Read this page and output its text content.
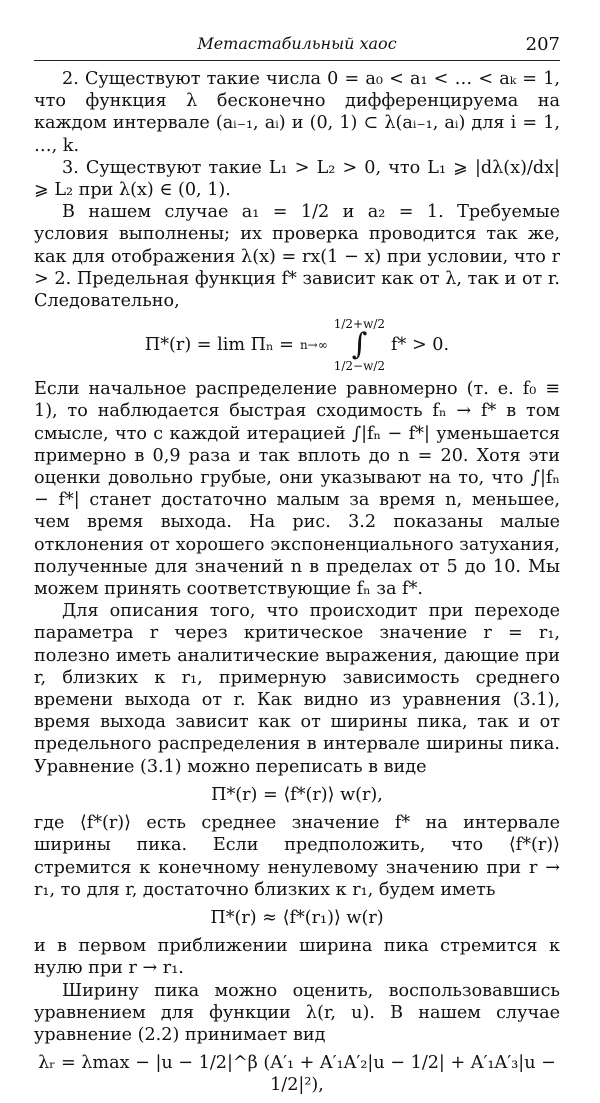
Метастабильный хаос	207

2. Существуют такие числа 0 = a₀ < a₁ < … < aₖ = 1, что функция λ бесконечно дифференцируема на каждом интервале (aᵢ₋₁, aᵢ) и (0, 1) ⊂ λ(aᵢ₋₁, aᵢ) для i = 1, …, k.

3. Существуют такие L₁ > L₂ > 0, что L₁ ⩾ |dλ(x)/dx| ⩾ L₂ при λ(x) ∈ (0, 1).

В нашем случае a₁ = 1/2 и a₂ = 1. Требуемые условия выполнены; их проверка проводится так же, как для отображения λ(x) = rx(1 − x) при условии, что r > 2. Предельная функция f* зависит как от λ, так и от r. Следовательно,

Π*(r) = lim Πₙ = n→∞
1/2+w/2
∫
1/2−w/2
f* > 0.

Если начальное распределение равномерно (т. е. f₀ ≡ 1), то наблюдается быстрая сходимость fₙ → f* в том смысле, что с каждой итерацией ∫|fₙ − f*| уменьшается примерно в 0,9 раза и так вплоть до n = 20. Хотя эти оценки довольно грубые, они указывают на то, что ∫|fₙ − f*| станет достаточно малым за время n, меньшее, чем время выхода. На рис. 3.2 показаны малые отклонения от хорошего экспоненциального затухания, полученные для значений n в пределах от 5 до 10. Мы можем принять соответствующие fₙ за f*.

Для описания того, что происходит при переходе параметра r через критическое значение r = r₁, полезно иметь аналитические выражения, дающие при r, близких к r₁, примерную зависимость среднего времени выхода от r. Как видно из уравнения (3.1), время выхода зависит как от ширины пика, так и от предельного распределения в интервале ширины пика. Уравнение (3.1) можно переписать в виде

Π*(r) = ⟨f*(r)⟩ w(r),

где ⟨f*(r)⟩ есть среднее значение f* на интервале ширины пика. Если предположить, что ⟨f*(r)⟩ стремится к конечному ненулевому значению при r → r₁, то для r, достаточно близких к r₁, будем иметь

Π*(r) ≈ ⟨f*(r₁)⟩ w(r)

и в первом приближении ширина пика стремится к нулю при r → r₁.

Ширину пика можно оценить, воспользовавшись уравнением для функции λ(r, u). В нашем случае уравнение (2.2) принимает вид

λᵣ = λmax − |u − 1/2|^β (A′₁ + A′₁A′₂|u − 1/2| + A′₁A′₃|u − 1/2|²),
